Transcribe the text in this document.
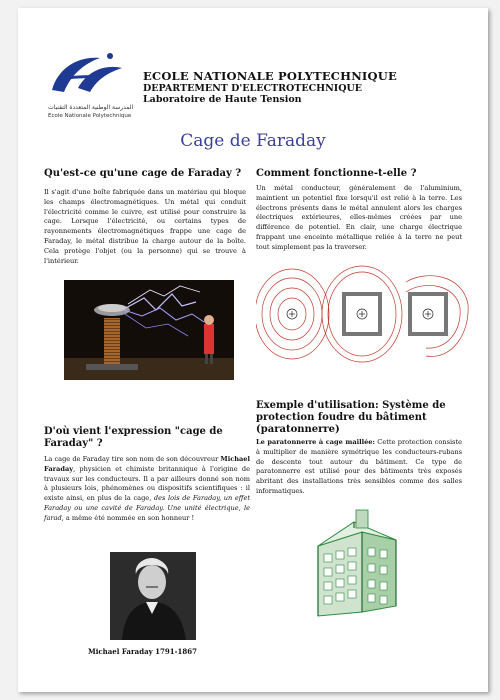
المدرسة الوطنية المتعددة التقنيات
Ecole Nationale Polytechnique
ECOLE NATIONALE POLYTECHNIQUE
DEPARTEMENT D'ELECTROTECHNIQUE
Laboratoire de Haute Tension
Cage de Faraday
Qu'est-ce qu'une cage de Faraday ?
Il s'agit d'une boîte fabriquée dans un matériau qui bloque les champs électromagnétiques. Un métal qui conduit l'électricité comme le cuivre, est utilisé pour construire la cage. Lorsque l'électricité, ou certains types de rayonnements électromagnétiques frappe une cage de Faraday, le métal distribue la charge autour de la boîte. Cela protège l'objet (ou la personne) qui se trouve à l'intérieur.
D'où vient l'expression "cage de Faraday" ?
La cage de Faraday tire son nom de son découvreur Michael Faraday, physicien et chimiste britannique à l'origine de travaux sur les conducteurs. Il a par ailleurs donné son nom à plusieurs lois, phénomènes ou dispositifs scientifiques : il existe ainsi, en plus de la cage, des lois de Faraday, un effet Faraday ou une cavité de Faraday. Une unité électrique, le farad, a même été nommée en son honneur !
Michael Faraday 1791-1867
Comment fonctionne-t-elle ?
Un métal conducteur, généralement de l'aluminium, maintient un potentiel fixe lorsqu'il est relié à la terre. Les électrons présents dans le métal annulent alors les charges électriques extérieures, elles-mêmes créées par une différence de potentiel. En clair, une charge électrique frappant une enceinte métallique reliée à la terre ne peut tout simplement pas la traverser.
Exemple d'utilisation: Système de protection foudre du bâtiment (paratonnerre)
Le paratonnerre à cage maillée: Cette protection consiste à multiplier de manière symétrique les conducteurs-rubans de descente tout autour du bâtiment. Ce type de paratonnerre est utilisé pour des bâtiments très exposés abritant des installations très sensibles comme des salles informatiques.
